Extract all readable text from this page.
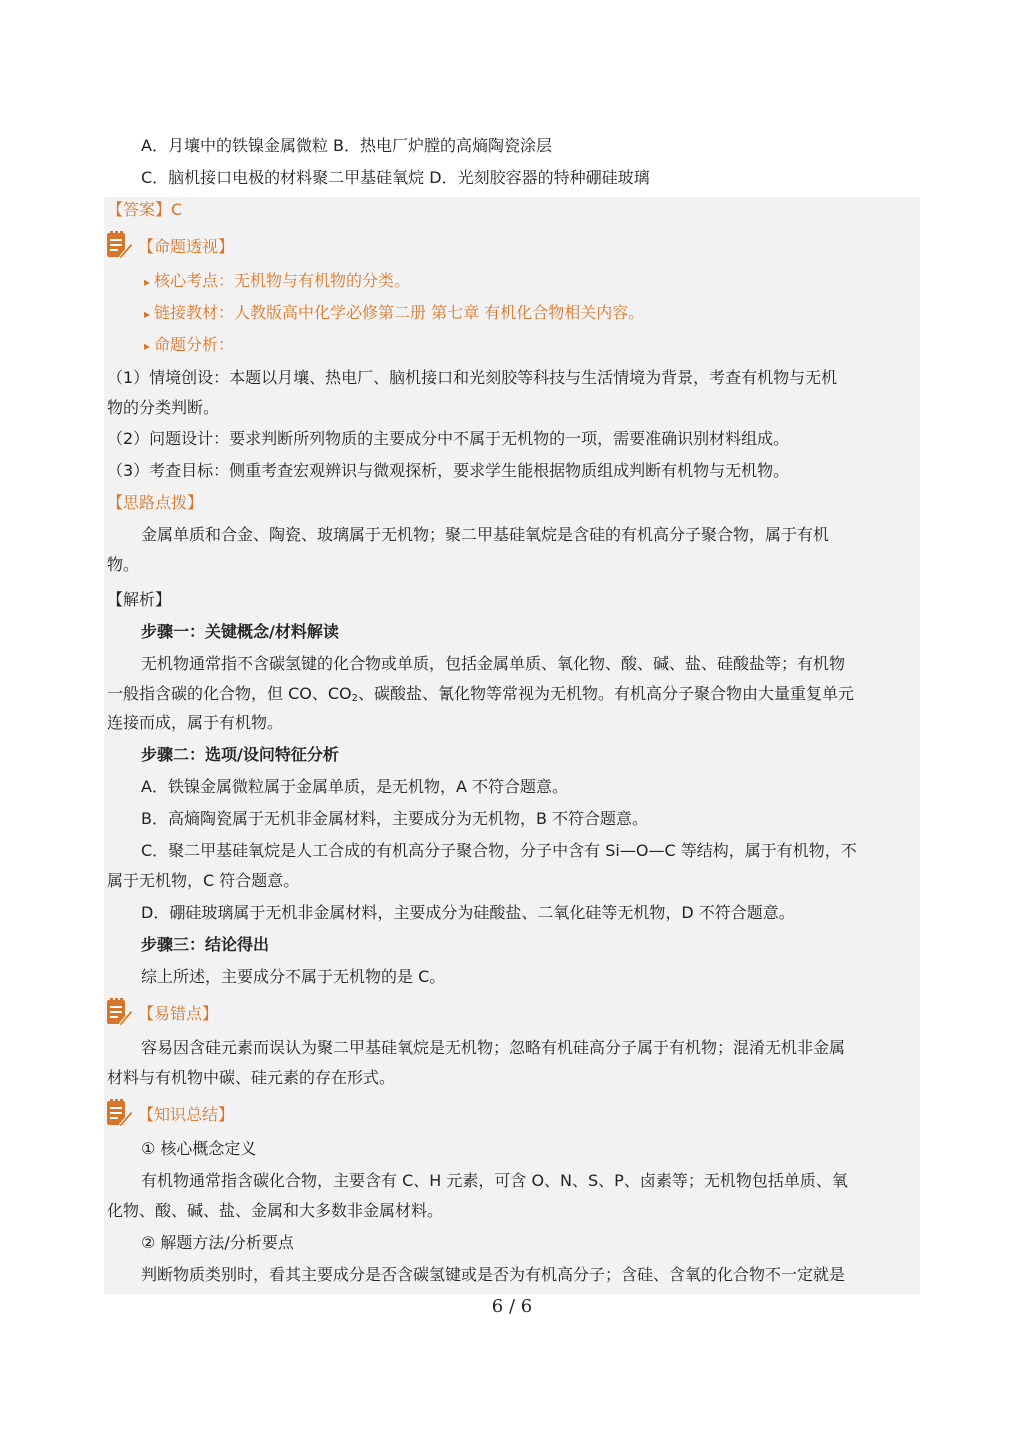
A．月壤中的铁镍金属微粒 B．热电厂炉膛的高熵陶瓷涂层
C．脑机接口电极的材料聚二甲基硅氧烷 D．光刻胶容器的特种硼硅玻璃
【答案】C
【命题透视】
▸ 核心考点：无机物与有机物的分类。
▸ 链接教材：人教版高中化学必修第二册 第七章 有机化合物相关内容。
▸ 命题分析：
（1）情境创设：本题以月壤、热电厂、脑机接口和光刻胶等科技与生活情境为背景，考查有机物与无机
物的分类判断。
（2）问题设计：要求判断所列物质的主要成分中不属于无机物的一项，需要准确识别材料组成。
（3）考查目标：侧重考查宏观辨识与微观探析，要求学生能根据物质组成判断有机物与无机物。
【思路点拨】
金属单质和合金、陶瓷、玻璃属于无机物；聚二甲基硅氧烷是含硅的有机高分子聚合物，属于有机
物。
【解析】
步骤一：关键概念/材料解读
无机物通常指不含碳氢键的化合物或单质，包括金属单质、氧化物、酸、碱、盐、硅酸盐等；有机物
一般指含碳的化合物，但 CO、$CO_2$、碳酸盐、氰化物等常视为无机物。有机高分子聚合物由大量重复单元
连接而成，属于有机物。
步骤二：选项/设问特征分析
A．铁镍金属微粒属于金属单质，是无机物，A 不符合题意。
B．高熵陶瓷属于无机非金属材料，主要成分为无机物，B 不符合题意。
C．聚二甲基硅氧烷是人工合成的有机高分子聚合物，分子中含有 Si—O—C 等结构，属于有机物，不
属于无机物，C 符合题意。
D．硼硅玻璃属于无机非金属材料，主要成分为硅酸盐、二氧化硅等无机物，D 不符合题意。
步骤三：结论得出
综上所述，主要成分不属于无机物的是 C。
【易错点】
容易因含硅元素而误认为聚二甲基硅氧烷是无机物；忽略有机硅高分子属于有机物；混淆无机非金属
材料与有机物中碳、硅元素的存在形式。
【知识总结】
① 核心概念定义
有机物通常指含碳化合物，主要含有 C、H 元素，可含 O、N、S、P、卤素等；无机物包括单质、氧
化物、酸、碱、盐、金属和大多数非金属材料。
② 解题方法/分析要点
判断物质类别时，看其主要成分是否含碳氢键或是否为有机高分子；含硅、含氧的化合物不一定就是
6 / 6
